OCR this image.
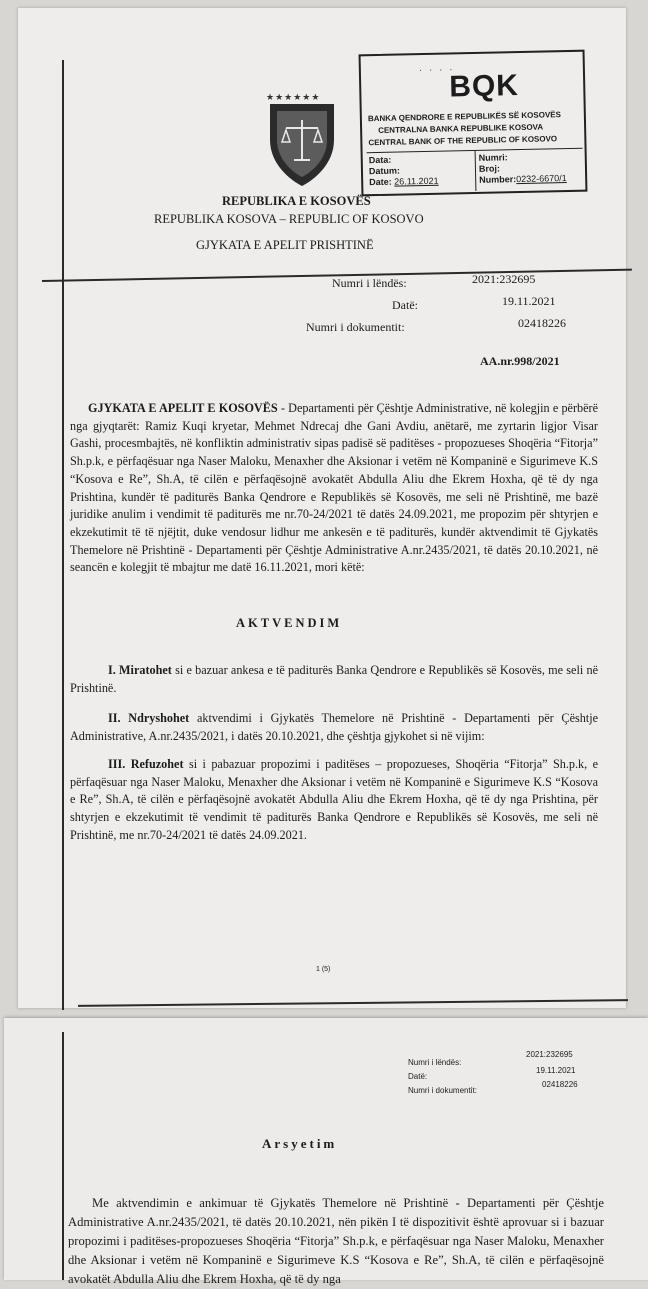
★★★★★★
· · · ·
BQK
BANKA QENDRORE E REPUBLIKËS SË KOSOVËS
CENTRALNA BANKA REPUBLIKE KOSOVA
CENTRAL BANK OF THE REPUBLIC OF KOSOVO
Data:
Datum:
Date: 26.11.2021
Numri:
Broj:
Number:0232-6670/1
REPUBLIKA E KOSOVËS
REPUBLIKA KOSOVA – REPUBLIC OF KOSOVO
GJYKATA E APELIT PRISHTINË
Numri i lëndës:	2021:232695
Datë:	19.11.2021
Numri i dokumentit:	02418226
AA.nr.998/2021

GJYKATA E APELIT E KOSOVËS - Departamenti për Çështje Administrative, në kolegjin e përbërë nga gjyqtarët: Ramiz Kuqi kryetar, Mehmet Ndrecaj dhe Gani Avdiu, anëtarë, me zyrtarin ligjor Visar Gashi, procesmbajtës, në konfliktin administrativ sipas padisë së paditëses - propozueses Shoqëria “Fitorja” Sh.p.k, e përfaqësuar nga Naser Maloku, Menaxher dhe Aksionar i vetëm në Kompaninë e Sigurimeve K.S “Kosova e Re”, Sh.A, të cilën e përfaqësojnë avokatët Abdulla Aliu dhe Ekrem Hoxha, që të dy nga Prishtina, kundër të paditurës Banka Qendrore e Republikës së Kosovës, me seli në Prishtinë, me bazë juridike anulim i vendimit të paditurës me nr.70-24/2021 të datës 24.09.2021, me propozim për shtyrjen e ekzekutimit të të njëjtit, duke vendosur lidhur me ankesën e të paditurës, kundër aktvendimit të Gjykatës Themelore në Prishtinë - Departamenti për Çështje Administrative A.nr.2435/2021, të datës 20.10.2021, në seancën e kolegjit të mbajtur me datë 16.11.2021, mori këtë:

AKTVENDIM

I. Miratohet si e bazuar ankesa e të paditurës Banka Qendrore e Republikës së Kosovës, me seli në Prishtinë.

II. Ndryshohet aktvendimi i Gjykatës Themelore në Prishtinë - Departamenti për Çështje Administrative, A.nr.2435/2021, i datës 20.10.2021, dhe çështja gjykohet si në vijim:

III. Refuzohet si i pabazuar propozimi i paditëses – propozueses, Shoqëria “Fitorja” Sh.p.k, e përfaqësuar nga Naser Maloku, Menaxher dhe Aksionar i vetëm në Kompaninë e Sigurimeve K.S “Kosova e Re”, Sh.A, të cilën e përfaqësojnë avokatët Abdulla Aliu dhe Ekrem Hoxha, që të dy nga Prishtina, për shtyrjen e ekzekutimit të vendimit të paditurës Banka Qendrore e Republikës së Kosovës, me seli në Prishtinë, me nr.70-24/2021 të datës 24.09.2021.

1 (5)
Numri i lëndës:
2021:232695
Datë:
19.11.2021
Numri i dokumentit:
02418226
Arsyetim

Me aktvendimin e ankimuar të Gjykatës Themelore në Prishtinë - Departamenti për Çështje Administrative A.nr.2435/2021, të datës 20.10.2021, nën pikën I të dispozitivit është aprovuar si i bazuar propozimi i paditëses-propozueses Shoqëria “Fitorja” Sh.p.k, e përfaqësuar nga Naser Maloku, Menaxher dhe Aksionar i vetëm në Kompaninë e Sigurimeve K.S “Kosova e Re”, Sh.A, të cilën e përfaqësojnë avokatët Abdulla Aliu dhe Ekrem Hoxha, që të dy nga
